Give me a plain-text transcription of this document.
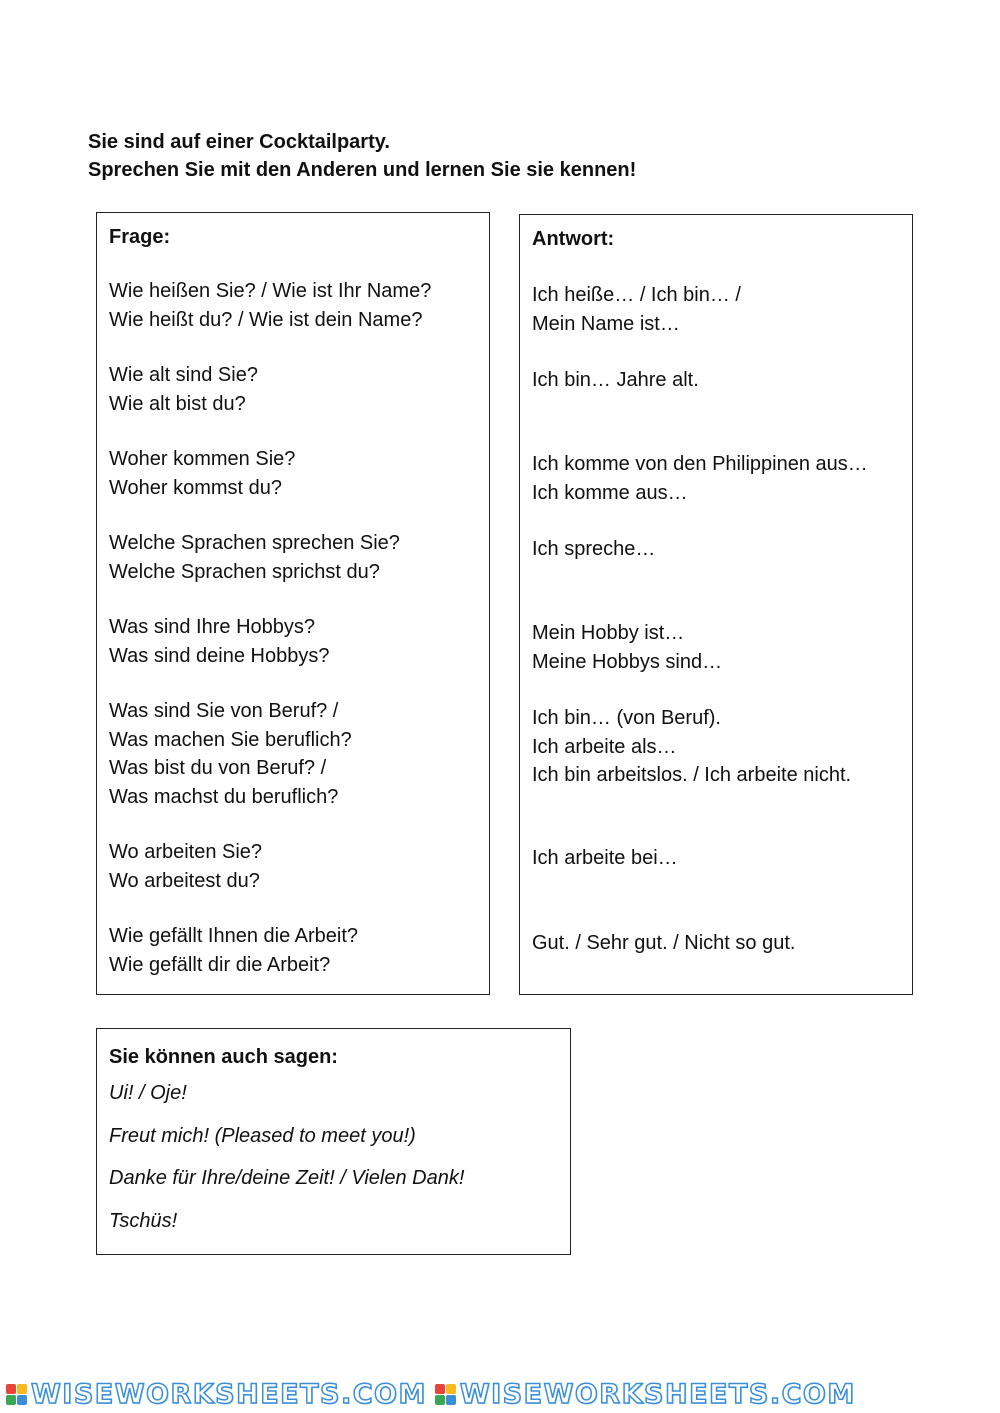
Sie sind auf einer Cocktailparty.
Sprechen Sie mit den Anderen und lernen Sie sie kennen!
Frage:
Wie heißen Sie? / Wie ist Ihr Name?
Wie heißt du? / Wie ist dein Name?
Wie alt sind Sie?
Wie alt bist du?
Woher kommen Sie?
Woher kommst du?
Welche Sprachen sprechen Sie?
Welche Sprachen sprichst du?
Was sind Ihre Hobbys?
Was sind deine Hobbys?
Was sind Sie von Beruf? /
Was machen Sie beruflich?
Was bist du von Beruf? /
Was machst du beruflich?
Wo arbeiten Sie?
Wo arbeitest du?
Wie gefällt Ihnen die Arbeit?
Wie gefällt dir die Arbeit?
Antwort:
Ich heiße… / Ich bin… /
Mein Name ist…
Ich bin… Jahre alt.
Ich komme von den Philippinen aus…
Ich komme aus…
Ich spreche…
Mein Hobby ist…
Meine Hobbys sind…
Ich bin… (von Beruf).
Ich arbeite als…
Ich bin arbeitslos. / Ich arbeite nicht.
Ich arbeite bei…
Gut. / Sehr gut. / Nicht so gut.
Sie können auch sagen:
Ui! / Oje!
Freut mich! (Pleased to meet you!)
Danke für Ihre/deine Zeit! / Vielen Dank!
Tschüs!
WISEWORKSHEETS.COM WISEWORKSHEETS.COM
